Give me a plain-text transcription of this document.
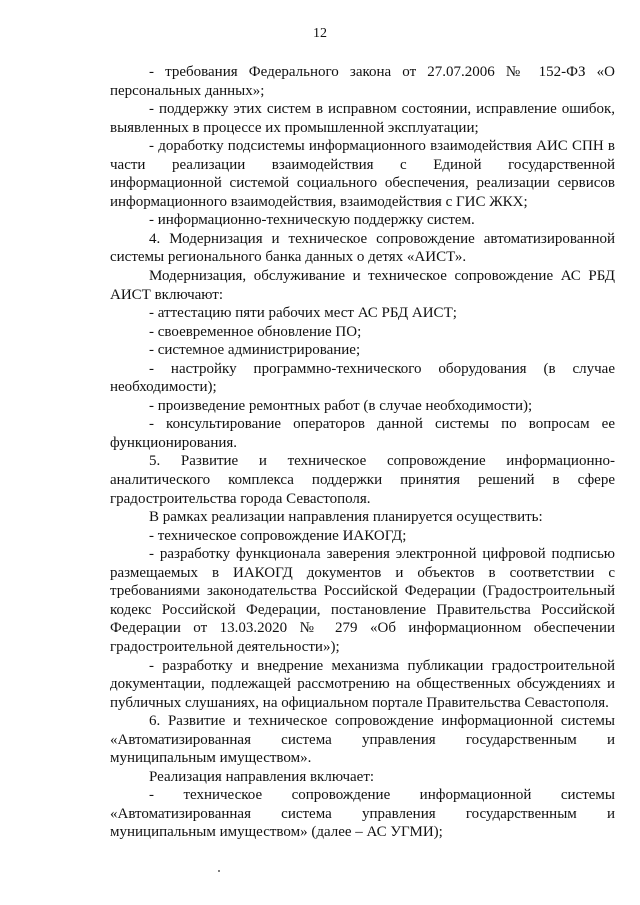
12

- требования Федерального закона от 27.07.2006 № 152-ФЗ «О персональных данных»;

- поддержку этих систем в исправном состоянии, исправление ошибок, выявленных в процессе их промышленной эксплуатации;

- доработку подсистемы информационного взаимодействия АИС СПН в части реализации взаимодействия с Единой государственной информационной системой социального обеспечения, реализации сервисов информационного взаимодействия, взаимодействия с ГИС ЖКХ;

- информационно-техническую поддержку систем.

4. Модернизация и техническое сопровождение автоматизированной системы регионального банка данных о детях «АИСТ».

Модернизация, обслуживание и техническое сопровождение АС РБД АИСТ включают:

- аттестацию пяти рабочих мест АС РБД АИСТ;

- своевременное обновление ПО;

- системное администрирование;

- настройку программно-технического оборудования (в случае необходимости);

- произведение ремонтных работ (в случае необходимости);

- консультирование операторов данной системы по вопросам ее функционирования.

5. Развитие и техническое сопровождение информационно-аналитического комплекса поддержки принятия решений в сфере градостроительства города Севастополя.

В рамках реализации направления планируется осуществить:

- техническое сопровождение ИАКОГД;

- разработку функционала заверения электронной цифровой подписью размещаемых в ИАКОГД документов и объектов в соответствии с требованиями законодательства Российской Федерации (Градостроительный кодекс Российской Федерации, постановление Правительства Российской Федерации от 13.03.2020 № 279 «Об информационном обеспечении градостроительной деятельности»);

- разработку и внедрение механизма публикации градостроительной документации, подлежащей рассмотрению на общественных обсуждениях и публичных слушаниях, на официальном портале Правительства Севастополя.

6. Развитие и техническое сопровождение информационной системы «Автоматизированная система управления государственным и муниципальным имуществом».

Реализация направления включает:

- техническое сопровождение информационной системы «Автоматизированная система управления государственным и муниципальным имуществом» (далее – АС УГМИ);
